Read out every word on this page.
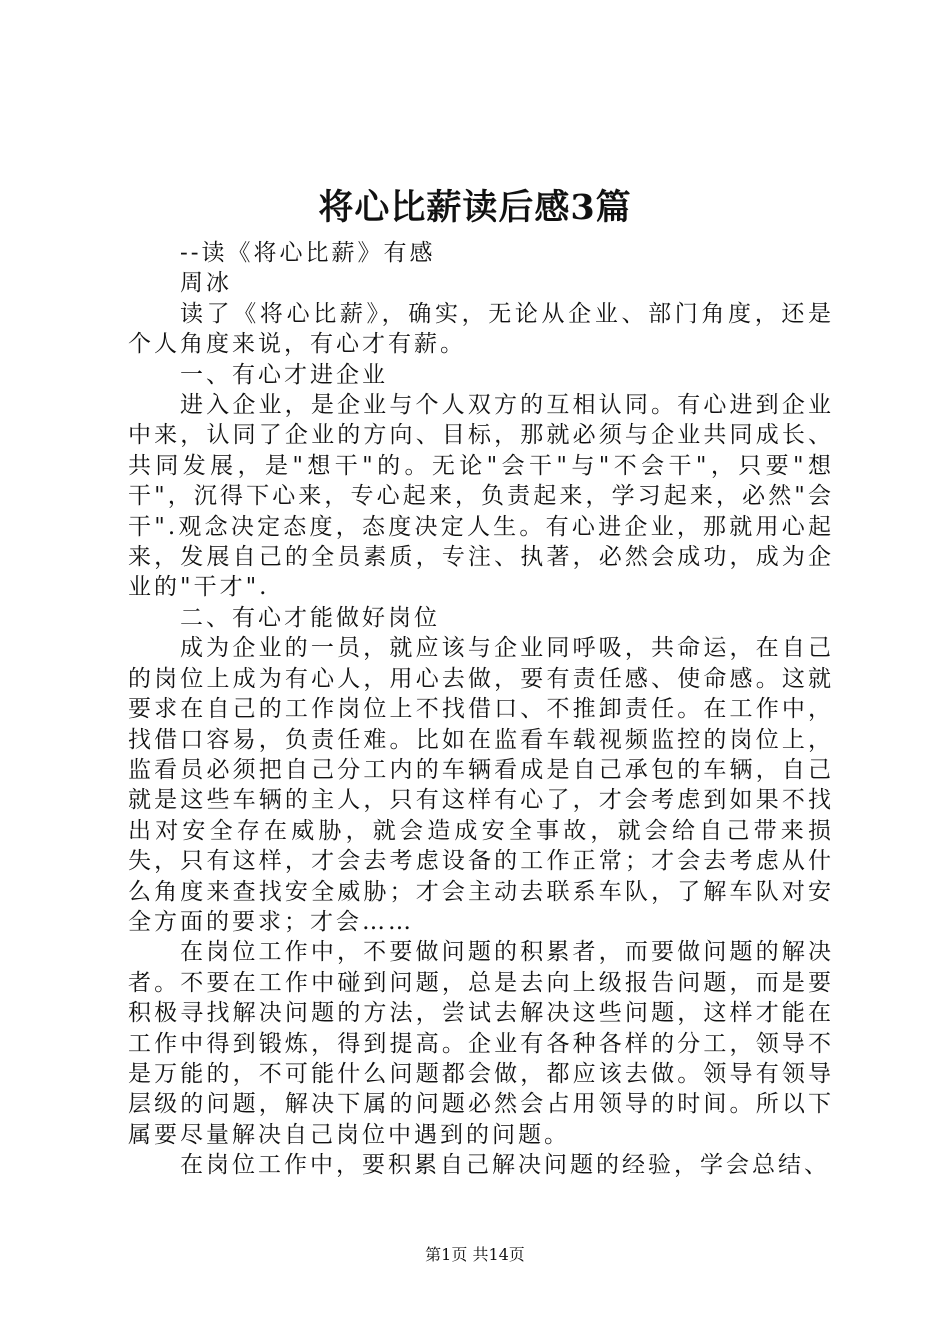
将心比薪读后感3篇

--读《将心比薪》有感

周冰

读了《将心比薪》，确实，无论从企业、部门角度，还是个人角度来说，有心才有薪。

一、有心才进企业

进入企业，是企业与个人双方的互相认同。有心进到企业中来，认同了企业的方向、目标，那就必须与企业共同成长、共同发展，是"想干"的。无论"会干"与"不会干"，只要"想干"，沉得下心来，专心起来，负责起来，学习起来，必然"会干".观念决定态度，态度决定人生。有心进企业，那就用心起来，发展自己的全员素质，专注、执著，必然会成功，成为企业的"干才".

二、有心才能做好岗位

成为企业的一员，就应该与企业同呼吸，共命运，在自己的岗位上成为有心人，用心去做，要有责任感、使命感。这就要求在自己的工作岗位上不找借口、不推卸责任。在工作中，找借口容易，负责任难。比如在监看车载视频监控的岗位上，监看员必须把自己分工内的车辆看成是自己承包的车辆，自己就是这些车辆的主人，只有这样有心了，才会考虑到如果不找出对安全存在威胁，就会造成安全事故，就会给自己带来损失，只有这样，才会去考虑设备的工作正常；才会去考虑从什么角度来查找安全威胁；才会主动去联系车队，了解车队对安全方面的要求；才会……

在岗位工作中，不要做问题的积累者，而要做问题的解决者。不要在工作中碰到问题，总是去向上级报告问题，而是要积极寻找解决问题的方法，尝试去解决这些问题，这样才能在工作中得到锻炼，得到提高。企业有各种各样的分工，领导不是万能的，不可能什么问题都会做，都应该去做。领导有领导层级的问题，解决下属的问题必然会占用领导的时间。所以下属要尽量解决自己岗位中遇到的问题。

在岗位工作中，要积累自己解决问题的经验，学会总结、

第1页 共14页
